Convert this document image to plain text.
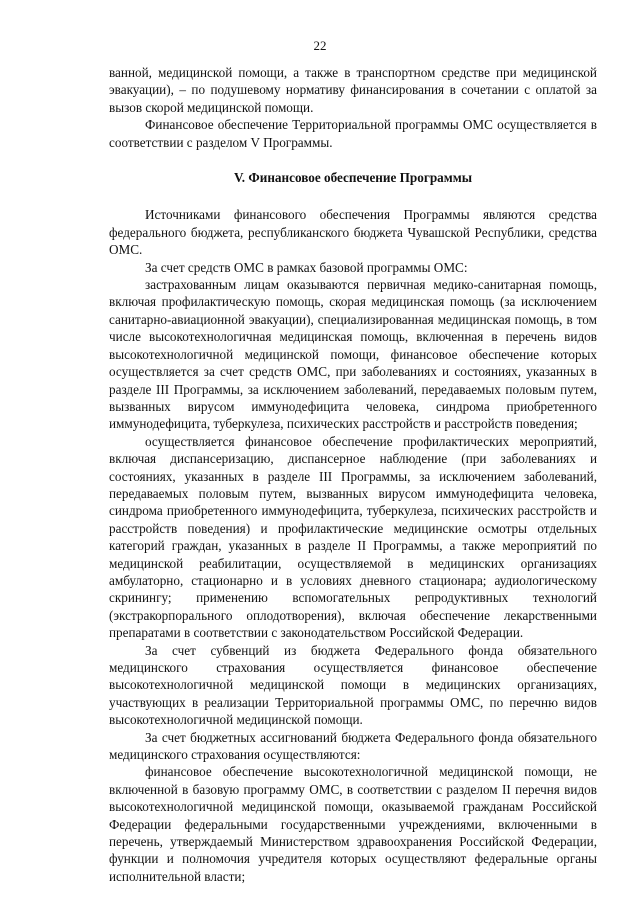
22

ванной, медицинской помощи, а также в транспортном средстве при медицинской эвакуации), – по подушевому нормативу финансирования в сочетании с оплатой за вызов скорой медицинской помощи.

Финансовое обеспечение Территориальной программы ОМС осуществляется в соответствии с разделом V Программы.

V. Финансовое обеспечение Программы

Источниками финансового обеспечения Программы являются средства федерального бюджета, республиканского бюджета Чувашской Республики, средства ОМС.

За счет средств ОМС в рамках базовой программы ОМС:

застрахованным лицам оказываются первичная медико-санитарная помощь, включая профилактическую помощь, скорая медицинская помощь (за исключением санитарно-авиационной эвакуации), специализированная медицинская помощь, в том числе высокотехнологичная медицинская помощь, включенная в перечень видов высокотехнологичной медицинской помощи, финансовое обеспечение которых осуществляется за счет средств ОМС, при заболеваниях и состояниях, указанных в разделе III Программы, за исключением заболеваний, передаваемых половым путем, вызванных вирусом иммунодефицита человека, синдрома приобретенного иммунодефицита, туберкулеза, психических расстройств и расстройств поведения;

осуществляется финансовое обеспечение профилактических мероприятий, включая диспансеризацию, диспансерное наблюдение (при заболеваниях и состояниях, указанных в разделе III Программы, за исключением заболеваний, передаваемых половым путем, вызванных вирусом иммунодефицита человека, синдрома приобретенного иммунодефицита, туберкулеза, психических расстройств и расстройств поведения) и профилактические медицинские осмотры отдельных категорий граждан, указанных в разделе II Программы, а также мероприятий по медицинской реабилитации, осуществляемой в медицинских организациях амбулаторно, стационарно и в условиях дневного стационара; аудиологическому скринингу; применению вспомогательных репродуктивных технологий (экстракорпорального оплодотворения), включая обеспечение лекарственными препаратами в соответствии с законодательством Российской Федерации.

За счет субвенций из бюджета Федерального фонда обязательного медицинского страхования осуществляется финансовое обеспечение высокотехнологичной медицинской помощи в медицинских организациях, участвующих в реализации Территориальной программы ОМС, по перечню видов высокотехнологичной медицинской помощи.

За счет бюджетных ассигнований бюджета Федерального фонда обязательного медицинского страхования осуществляются:

финансовое обеспечение высокотехнологичной медицинской помощи, не включенной в базовую программу ОМС, в соответствии с разделом II перечня видов высокотехнологичной медицинской помощи, оказываемой гражданам Российской Федерации федеральными государственными учреждениями, включенными в перечень, утверждаемый Министерством здравоохранения Российской Федерации, функции и полномочия учредителя которых осуществляют федеральные органы исполнительной власти;
